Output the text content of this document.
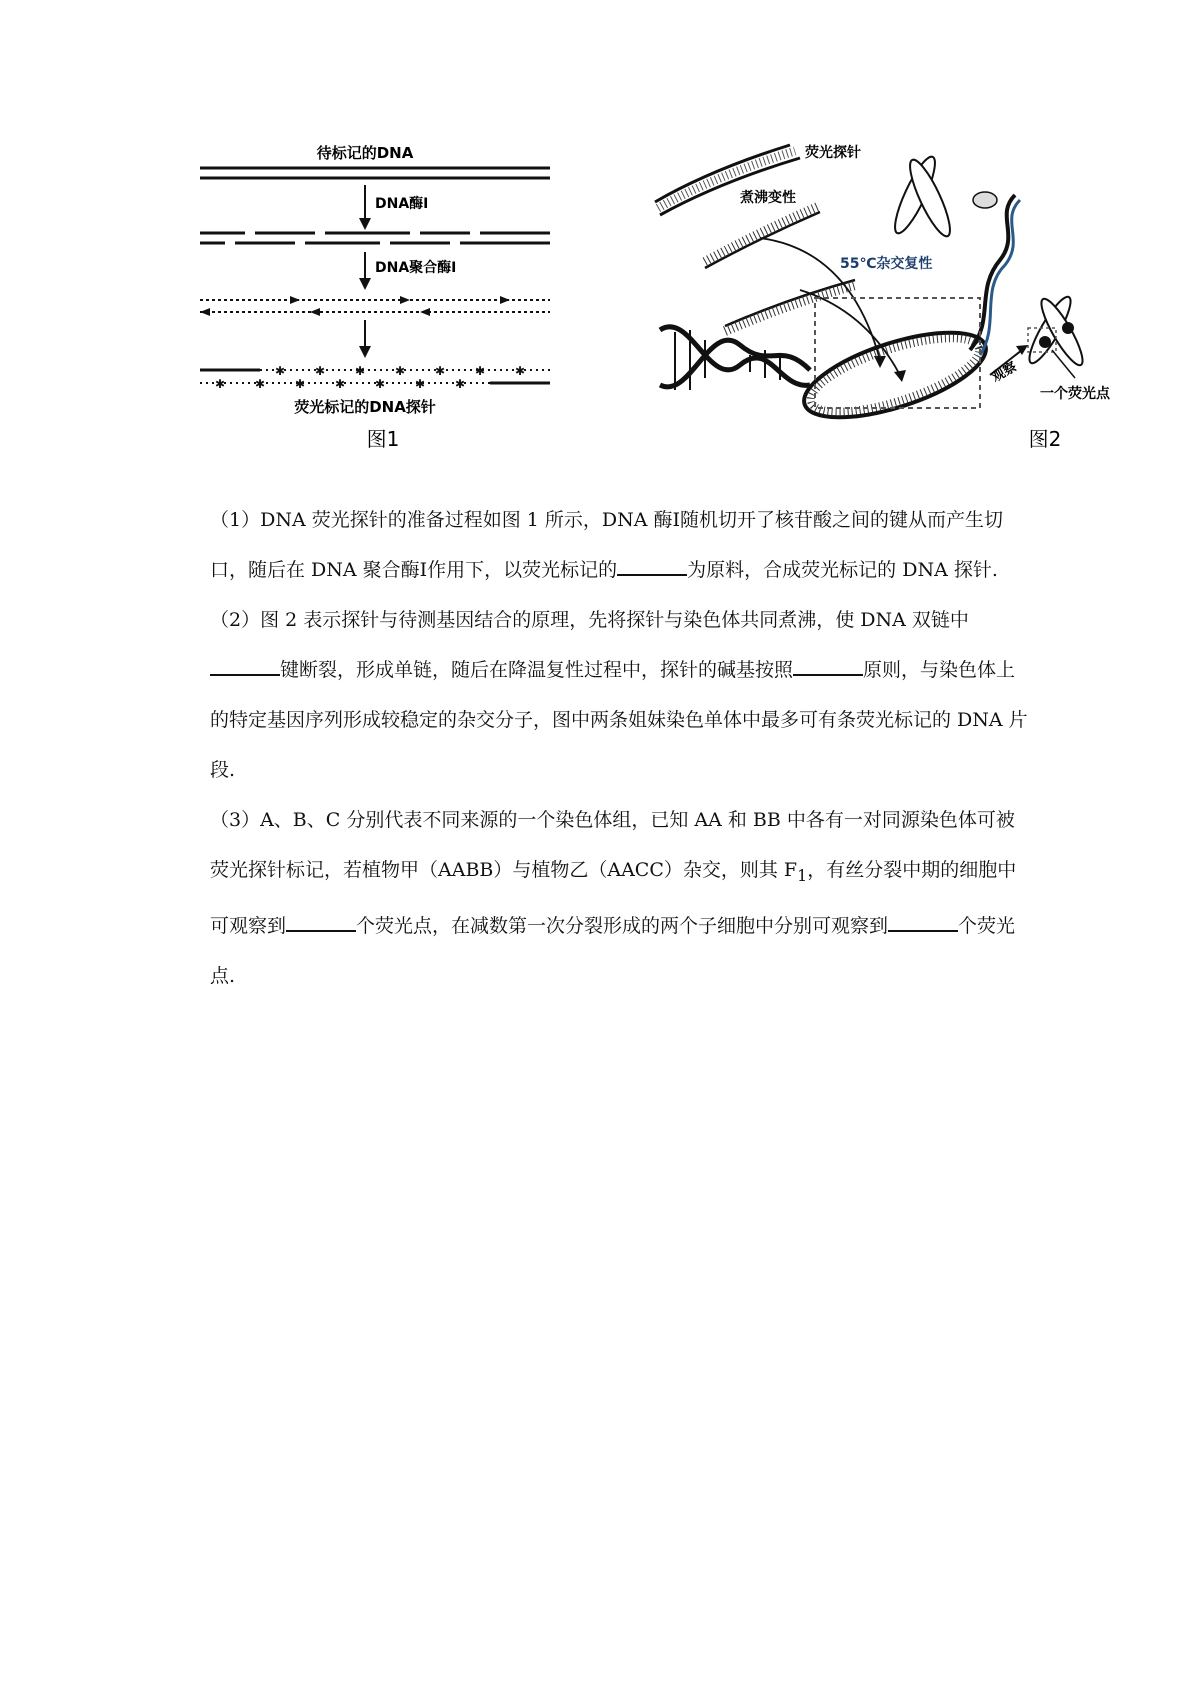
待标记的DNA
DNA酶Ⅰ
DNA聚合酶Ⅰ
✱ ✱ ✱ ✱ ✱ ✱ ✱
✱ ✱ ✱ ✱ ✱ ✱ ✱
荧光标记的DNA探针
图1
荧光探针
煮沸变性
55℃杂交复性
观察
一个荧光点
图2

（1）DNA 荧光探针的准备过程如图 1 所示，DNA 酶Ⅰ随机切开了核苷酸之间的键从而产生切口，随后在 DNA 聚合酶Ⅰ作用下，以荧光标记的	为原料，合成荧光标记的 DNA 探针.

（2）图 2 表示探针与待测基因结合的原理，先将探针与染色体共同煮沸，使 DNA 双链中键断裂，形成单链，随后在降温复性过程中，探针的碱基按照	原则，与染色体上的特定基因序列形成较稳定的杂交分子，图中两条姐妹染色单体中最多可有条荧光标记的 DNA 片段.

（3）A、B、C 分别代表不同来源的一个染色体组，已知 AA 和 BB 中各有一对同源染色体可被荧光探针标记，若植物甲（AABB）与植物乙（AACC）杂交，则其 $F_1$，有丝分裂中期的细胞中可观察到	个荧光点，在减数第一次分裂形成的两个子细胞中分别可观察到	个荧光点.
